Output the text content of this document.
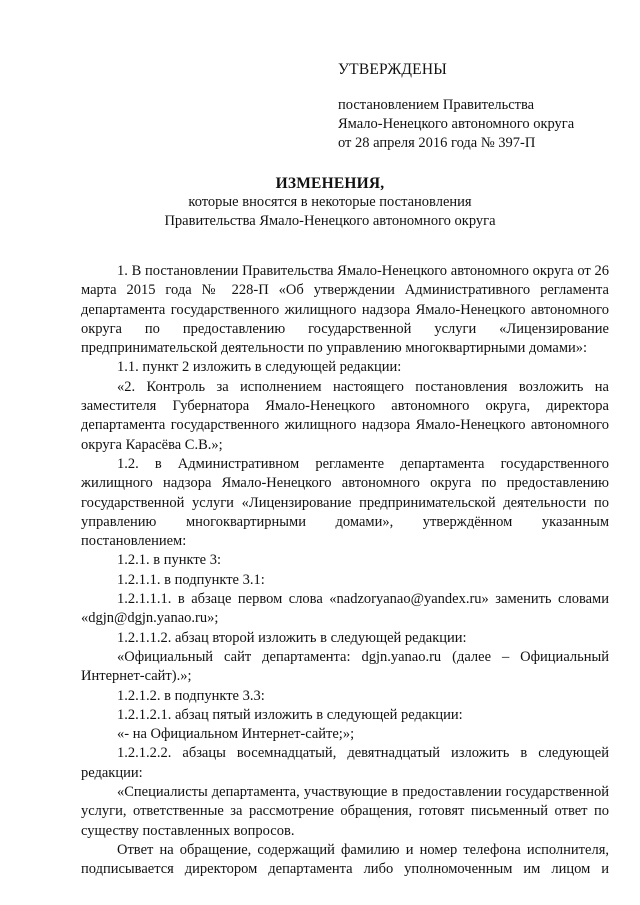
УТВЕРЖДЕНЫ
постановлением Правительства
Ямало-Ненецкого автономного округа
от 28 апреля 2016 года № 397-П
ИЗМЕНЕНИЯ,
которые вносятся в некоторые постановления
Правительства Ямало-Ненецкого автономного округа

1. В постановлении Правительства Ямало-Ненецкого автономного округа от 26 марта 2015 года № 228-П «Об утверждении Административного регламента департамента государственного жилищного надзора Ямало-Ненецкого автономного округа по предоставлению государственной услуги «Лицензирование предпринимательской деятельности по управлению многоквартирными домами»:

1.1. пункт 2 изложить в следующей редакции:

«2. Контроль за исполнением настоящего постановления возложить на заместителя Губернатора Ямало-Ненецкого автономного округа, директора департамента государственного жилищного надзора Ямало-Ненецкого автономного округа Карасёва С.В.»;

1.2. в Административном регламенте департамента государственного жилищного надзора Ямало-Ненецкого автономного округа по предоставлению государственной услуги «Лицензирование предпринимательской деятельности по управлению многоквартирными домами», утверждённом указанным постановлением:

1.2.1. в пункте 3:

1.2.1.1. в подпункте 3.1:

1.2.1.1.1. в абзаце первом слова «nadzoryanao@yandex.ru» заменить словами «dgjn@dgjn.yanao.ru»;

1.2.1.1.2. абзац второй изложить в следующей редакции:

«Официальный сайт департамента: dgjn.yanao.ru (далее – Официальный Интернет-сайт).»;

1.2.1.2. в подпункте 3.3:

1.2.1.2.1. абзац пятый изложить в следующей редакции:

«- на Официальном Интернет-сайте;»;

1.2.1.2.2. абзацы восемнадцатый, девятнадцатый изложить в следующей редакции:

«Специалисты департамента, участвующие в предоставлении государственной услуги, ответственные за рассмотрение обращения, готовят письменный ответ по существу поставленных вопросов.

Ответ на обращение, содержащий фамилию и номер телефона исполнителя, подписывается директором департамента либо уполномоченным им лицом и
